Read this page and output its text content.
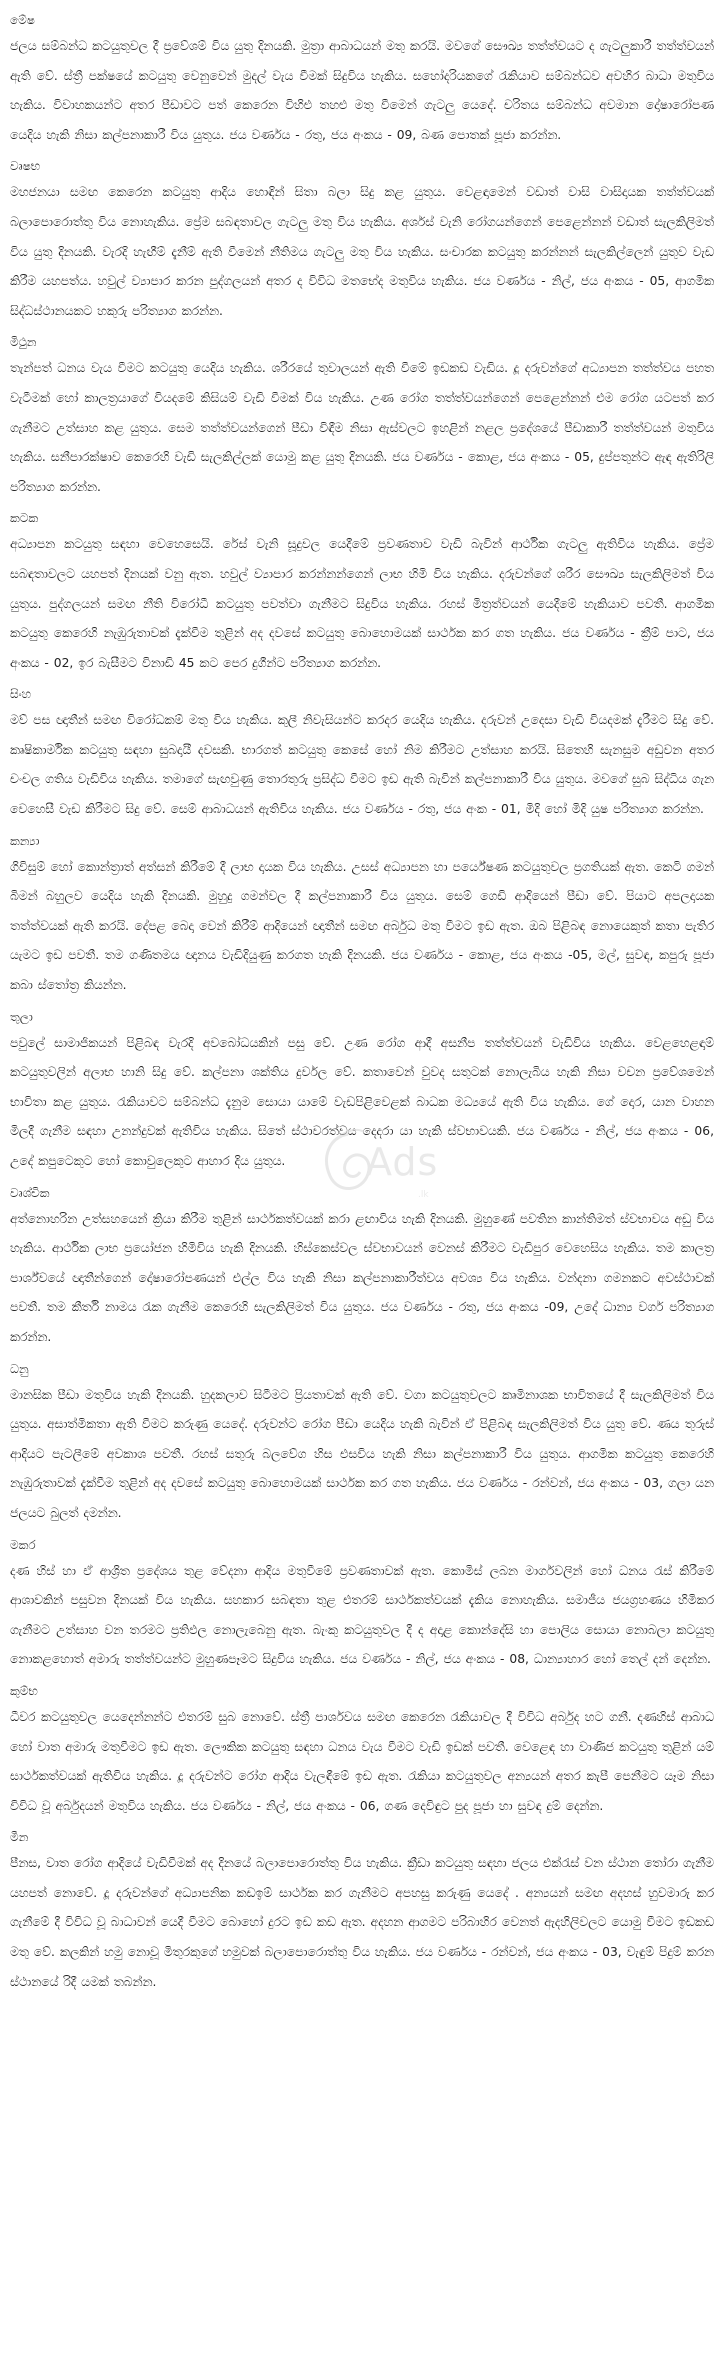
මේෂ

ජලය සම්බන්ධ කටයුතුවල දී ප්‍රවේශම් විය යුතු දිනයකි. මුත්‍රා ආබාධයන් මතු කරයි. මවගේ සෞඛ්‍ය තත්ත්වයට ද ගැටලුකාරී තත්ත්වයන් ඇති වේ. ස්ත්‍රී පක්ෂයේ කටයුතු වෙනුවෙන් මුදල් වැය වීමක් සිදුවිය හැකිය. සහෝදරියකගේ රැකියාව සම්බන්ධව අවහිර බාධා මතුවිය හැකිය. විවාහකයන්ට අතර පීඩාවට පත් කෙරෙන විහිළු තහළු මතු වීමෙන් ගැටලු යෙදේ. චරිතය සම්බන්ධ අවමාන දෝෂාරෝපණ යෙදිය හැකි නිසා කල්පනාකාරී විය යුතුය. ජය වර්ණය - රතු, ජය අංකය - 09, බණ පොතක් පූජා කරන්න.

වෘෂභ

මහජනයා සමඟ කෙරෙන කටයුතු ආදිය හොඳින් සිතා බලා සිදු කළ යුතුය. වෙළඳාමෙන් වඩාත් වාසි වාසිදායක තත්ත්වයක් බලාපොරොත්තු විය නොහැකිය. ප්‍රේම සබඳතාවල ගැටලු මතු විය හැකිය. අර්ශස් වැනි රෝගයන්ගෙන් පෙළෙන්නන් වඩාත් සැලකිලිමත් විය යුතු දිනයකි. වැරදි හැඟීම් දැනීම් ඇති වීමෙන් නීතිමය ගැටලු මතු විය හැකිය. සංචාරක කටයුතු කරන්නන් සැලකිල්ලෙන් යුතුව වැඩ කිරීම යහපත්ය. හවුල් ව්‍යාපාර කරන පුද්ගලයන් අතර ද විවිධ මතභේද මතුවිය හැකිය. ජය වර්ණය - නිල්, ජය අංකය - 05, ආගමික සිද්ධස්ථානයකට හකුරු පරිත්‍යාග කරන්න.

මිථුන

තැන්පත් ධනය වැය වීමට කටයුතු යෙදිය හැකිය. ශරීරයේ තුවාලයන් ඇති වීමේ ඉඩකඩ වැඩිය. දූ දරුවන්ගේ අධ්‍යාපන තත්ත්වය පහත වැටීමක් හෝ කාලත්‍රයාගේ වියදමේ කිසියම් වැඩි වීමක් විය හැකිය. උණ රෝග තත්ත්වයන්ගෙන් පෙළෙන්නන් එම රෝග යටපත් කර ගැනීමට උත්සාහ කළ යුතුය. සෙම තත්ත්වයන්ගෙන් පීඩා විඳීම නිසා ඇස්වලට ඉහළින් නළල ප්‍රදේශයේ පීඩාකාරී තත්ත්වයන් මතුවිය හැකිය. සනීපාරක්ෂාව කෙරෙහි වැඩි සැලකිල්ලක් යොමු කළ යුතු දිනයකි. ජය වර්ණය - කොළ, ජය අංකය - 05, දුප්පතුන්ට ඇඳ ඇතිරිලි පරිත්‍යාග කරන්න.

කටක

අධ්‍යාපන කටයුතු සඳහා වෙහෙසෙයි. රේස් වැනි සූදුවල යෙදීමේ ප්‍රවණතාව වැඩි බැවින් ආර්ථික ගැටලු ඇතිවිය හැකිය. ප්‍රේම සබඳතාවලට යහපත් දිනයක් වනු ඇත. හවුල් ව්‍යාපාර කරන්නන්ගෙන් ලාභ හිමි විය හැකිය. දරුවන්ගේ ශරීර සෞඛ්‍ය සැලකිලිමත් විය යුතුය. පුද්ගලයන් සමඟ නීති විරෝධී කටයුතු පවත්වා ගැනීමට සිදුවිය හැකිය. රහස් මිත්‍රත්වයන් යෙදීමේ හැකියාව පවතී. ආගමික කටයුතු කෙරෙහි නැඹුරුතාවක් දැක්වීම තුළින් අද දවසේ කටයුතු බොහොමයක් සාර්ථක කර ගත හැකිය. ජය වර්ණය - ක්‍රීම් පාට, ජය අංකය - 02, ඉර බැසීමට විනාඩි 45 කට පෙර දුගීන්ට පරිත්‍යාග කරන්න.

සිංහ

මව් පස ඥාතීන් සමඟ විරෝධකම් මතු විය හැකිය. කුලී නිවැසියන්ට කරදර යෙදිය හැකිය. දරුවන් උදෙසා වැඩි වියදමක් දැරීමට සිදු වේ. කෘෂිකාර්මික කටයුතු සඳහා සුබදායී දවසකි. භාරගත් කටයුතු කෙසේ හෝ නිම කිරීමට උත්සාහ කරයි. සිතෙහි සැනසුම අඩුවන අතර චංචල ගතිය වැඩිවිය හැකිය. තමාගේ සැඟවුණු තොරතුරු ප්‍රසිද්ධ වීමට ඉඩ ඇති බැවින් කල්පනාකාරී විය යුතුය. මවගේ සුබ සිද්ධිය ගැන වෙහෙසී වැඩ කිරීමට සිදු වේ. සෙම් ආබාධයන් ඇතිවිය හැකිය. ජය වර්ණය - රතු, ජය අංක - 01, මිදි හෝ මිදි යුෂ පරිත්‍යාග කරන්න.

කන්‍යා

ගිවිසුම් හෝ කොන්ත්‍රාත් අත්සන් කිරීමේ දී ලාභ දායක විය හැකිය. උසස් අධ්‍යාපන හා පර්යේෂණ කටයුතුවල ප්‍රගතියක් ඇත. කෙටි ගමන් බිමන් බහුලව යෙදිය හැකි දිනයකි. මුහුදු ගමන්වල දී කල්පනාකාරී විය යුතුය. සෙම් ගෙඩි ආදියෙන් පීඩා වේ. පියාට අපලදායක තත්ත්වයක් ඇති කරයි. දේපළ බෙදා වෙන් කිරීම් ආදියෙන් ඥාතීන් සමඟ අර්බුධ මතු වීමට ඉඩ ඇත. ඔබ පිළිබඳ නොයෙකුත් කතා පැතිර යැමට ඉඩ පවතී. තම ගණිතමය ඥානය වැඩිදියුණු කරගත හැකි දිනයකි. ජය වර්ණය - කොළ, ජය අංකය -05, මල්, සුවඳ, කපුරු පූජා කබා ස්තෝත්‍ර කියන්න.

තුලා

පවුලේ සාමාජිකයන් පිළිබඳ වැරදි අවබෝධයකින් පසු වේ. උණ රෝග ආදී අසනීප තත්ත්වයන් වැඩිවිය හැකිය. වෙළහෙළඳාම් කටයුතුවලින් අලාභ හානි සිදු වේ. කල්පනා ශක්තිය දුර්වල වේ. කතාවෙන් වුවද සතුටක් නොලැබිය හැකි නිසා වචන ප්‍රවේශමෙන් භාවිතා කළ යුතුය. රැකියාවට සම්බන්ධ දැනුම සොයා යාමේ වැඩපිළිවෙළක් බාධක මධ්‍යයේ ඇති විය හැකිය. ගේ දොර, යාන වාහන මිලදී ගැනීම සඳහා උනන්දුවක් ඇතිවිය හැකිය. සිතේ ස්ථාවරත්වය දෙදරා යා හැකි ස්වභාවයකි. ජය වර්ණය - නිල්, ජය අංකය - 06, උදේ කපුටෙකුට හෝ කොවුලෙකුට ආහාර දිය යුතුය.

වෘශ්චික

අත්නොහරින උත්සහයෙන් ක්‍රියා කිරීම තුළින් සාර්ථකත්වයක් කරා ළඟාවිය හැකි දිනයකි. මුහුණේ පවතින කාන්තිමත් ස්වභාවය අඩු විය හැකිය. ආර්ථික ලාභ ප්‍රයෝජන හිමිවිය හැකි දිනයකි. හිස්කෙස්වල ස්වභාවයන් වෙනස් කිරීමට වැඩිපුර වෙහෙසිය හැකිය. තම කාලත්‍ර පාර්ශ්වයේ ඥාතීන්ගෙන් දෝෂාරෝපණයන් එල්ල විය හැකි නිසා කල්පනාකාරීත්වය අවශ්‍ය විය හැකිය. වන්දනා ගමනකට අවස්ථාවක් පවතී. තම කීර්ති නාමය රැක ගැනීම කෙරෙහි සැලකිලිමත් විය යුතුය. ජය වර්ණය - රතු, ජය අංකය -09, උදේ ධාන්‍ය වර්ග පරිත්‍යාග කරන්න.

ධනු

මානසික පීඩා මතුවිය හැකි දිනයකි. හුදකලාව සිටීමට ප්‍රියතාවක් ඇති වේ. වගා කටයුතුවලට කෘමිනාශක භාවිතයේ දී සැලකිලිමත් විය යුතුය. අසාත්මිකතා ඇති වීමට කරුණු යෙදේ. දරුවන්ට රෝග පීඩා යෙදිය හැකි බැවින් ඒ පිළිබඳ සැලකිලිමත් විය යුතු වේ. ණය තුරුස් ආදියට පැටලීමේ අවකාශ පවතී. රහස් සතුරු බලවේග හිස එසවිය හැකි නිසා කල්පනාකාරී විය යුතුය. ආගමික කටයුතු කෙරෙහි නැඹුරුතාවක් දැක්වීම තුළින් අද දවසේ කටයුතු බොහොමයක් සාර්ථක කර ගත හැකිය. ජය වර්ණය - රන්වන්, ජය අංකය - 03, ගලා යන ජලයට බුලත් දමන්න.

මකර

දණ හිස් හා ඒ ආශ්‍රිත ප්‍රදේශය තුළ වේදනා ආදිය මතුවීමේ ප්‍රවණතාවක් ඇත. කොමිස් ලබන මාර්ගවලින් හෝ ධනය රැස් කිරීමේ ආශාවකින් පසුවන දිනයක් විය හැකිය. සහකාර සබඳතා තුළ එතරම් සාර්ථකත්වයක් දැකිය නොහැකිය. සමාජීය ජයග්‍රහණය හිමිකර ගැනීමට උත්සාහ වන තරමට ප්‍රතිඵල නොලැබෙනු ඇත. බැංකු කටයුතුවල දී ද අදාළ කොන්දේසි හා පොලිය සොයා නොබලා කටයුතු නොකළහොත් අමාරු තත්ත්වයන්ට මුහුණපෑමට සිදුවිය හැකිය. ජය වර්ණය - නිල්, ජය අංකය - 08, ධාන්‍යාහාර හෝ තෙල් දන් දෙන්න.

කුම්භ

ධීවර කටයුතුවල යෙදෙන්නන්ට එතරම් සුබ නොවේ. ස්ත්‍රී පාර්ශවය සමඟ කෙරෙන රැකියාවල දී විවිධ අර්බුද හට ගනී. දණහිස් ආබාධ හෝ වාත අමාරු මතුවීමට ඉඩ ඇත. ලෞකික කටයුතු සඳහා ධනය වැය වීමට වැඩි ඉඩක් පවතී. වෙළෙඳ හා වාණිජ කටයුතු තුළින් යම් සාර්ථකත්වයක් ඇතිවිය හැකිය. දූ දරුවන්ට රෝග ආදිය වැලඳීමේ ඉඩ ඇත. රැකියා කටයුතුවල අන්‍යයන් අතර කැපී පෙනීමට යෑම නිසා විවිධ වූ අර්බුදයන් මතුවිය හැකිය. ජය වර්ණය - නිල්, ජය අංකය - 06, ගණ දෙවිඳුට පුද පූජා හා සුවඳ දුම් දෙන්න.

මීන

පීනස, වාත රෝග ආදියේ වැඩිවීමක් අද දිනයේ බලාපොරොත්තු විය හැකිය. ක්‍රීඩා කටයුතු සඳහා ජලය එක්රැස් වන ස්ථාන තෝරා ගැනීම යහපත් නොවේ. දූ දරුවන්ගේ අධ්‍යාපනික කඩඉම් සාර්ථක කර ගැනීමට අපහසු කරුණු යෙදේ . අන්‍යයන් සමඟ අදහස් හුවමාරු කර ගැනීමේ දී විවිධ වූ බාධාවන් යෙදී වීමට බොහෝ දුරට ඉඩ කඩ ඇත. අදහන ආගමට පරිබාහිර වෙනත් ඇදහිලිවලට යොමු වීමට ඉඩකඩ මතු වේ. කලකින් හමු නොවූ මිතුරකුගේ හමුවක් බලාපොරොත්තු විය හැකිය. ජය වර්ණය - රන්වන්, ජය අංකය - 03, වැඳුම් පිදුම් කරන ස්ථානයේ රිදී යමක් තබන්න.

Ads
.lk
